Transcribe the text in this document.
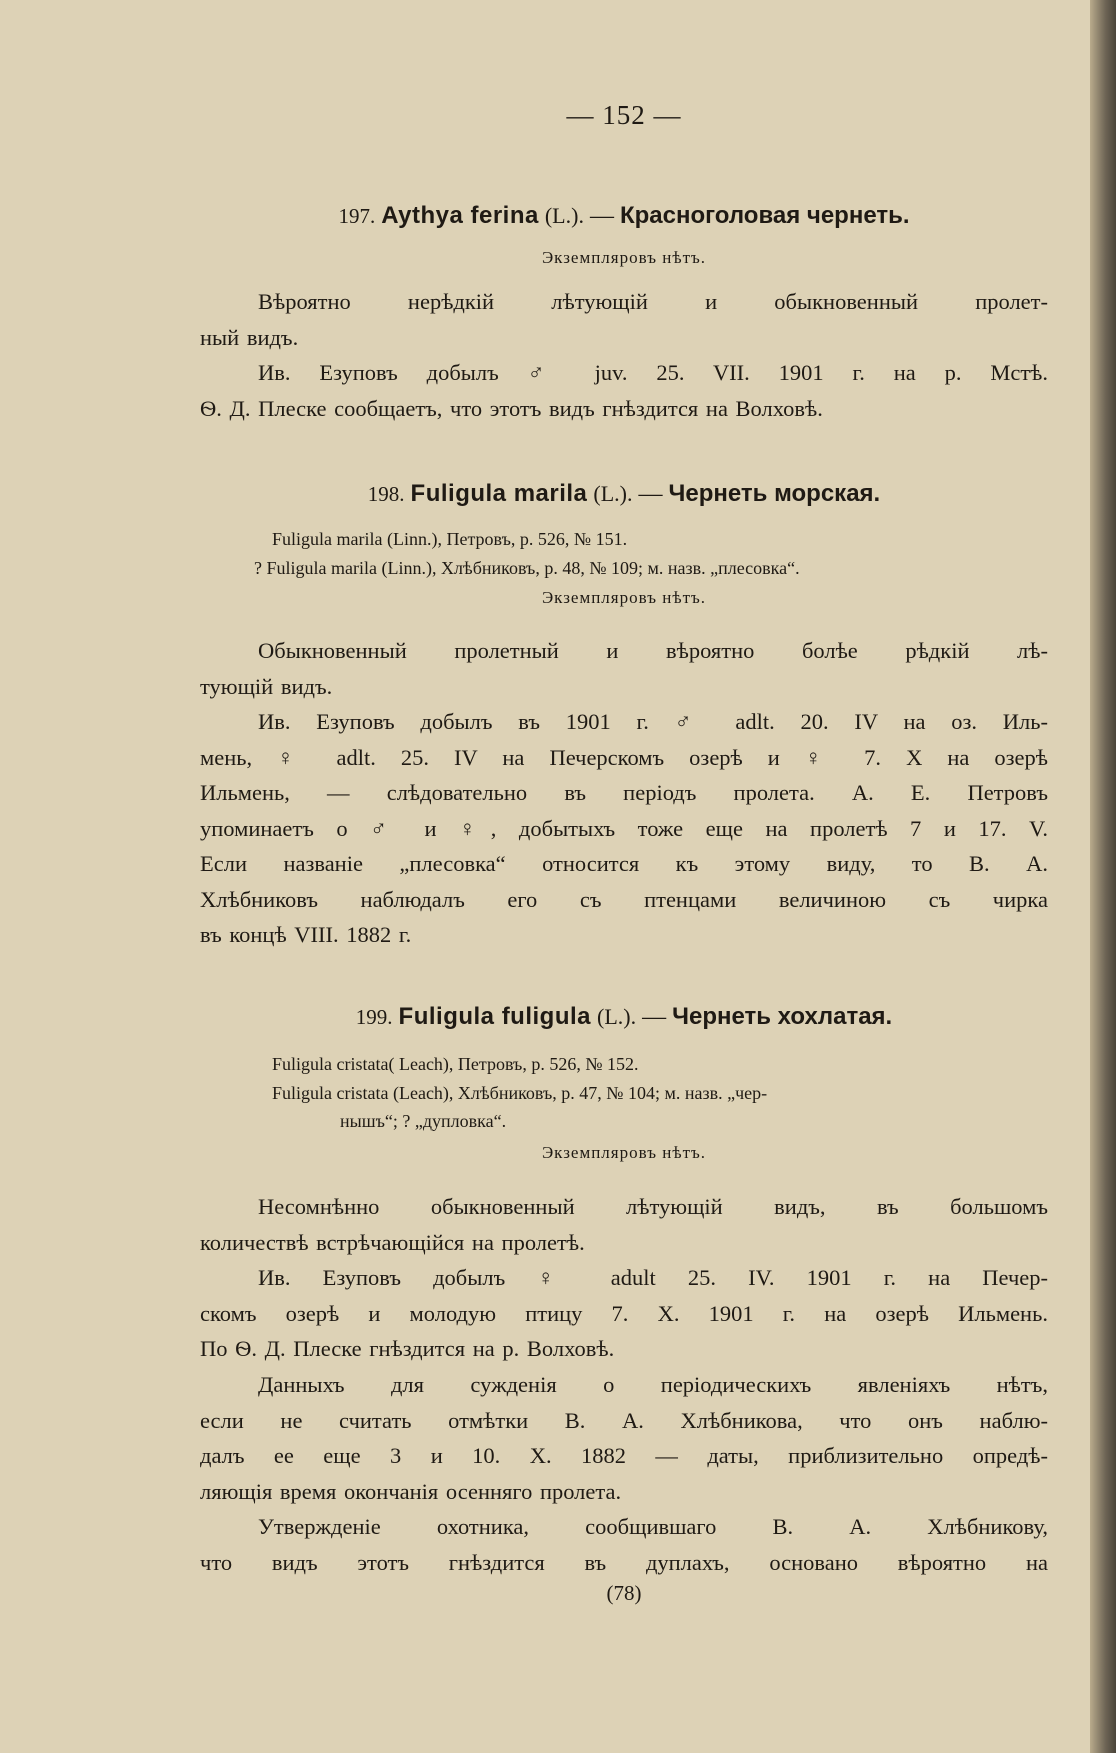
— 152 —
197. Aythya ferina (L.). — Красноголовая чернеть.
Экземпляровъ нѣтъ.
Вѣроятно нерѣдкій лѣтующій и обыкновенный пролет-
ный видъ.
Ив. Езуповъ добылъ ♂ juv. 25. VII. 1901 г. на р. Мстѣ.
Ѳ. Д. Плеске сообщаетъ, что этотъ видъ гнѣздится на Волховѣ.
198. Fuligula marila (L.). — Чернеть морская.
Fuligula marila (Linn.), Петровъ, р. 526, № 151.
? Fuligula marila (Linn.), Хлѣбниковъ, р. 48, № 109; м. назв. „плесовка“.
Экземпляровъ нѣтъ.
Обыкновенный пролетный и вѣроятно болѣе рѣдкій лѣ-
тующій видъ.
Ив. Езуповъ добылъ въ 1901 г. ♂ adlt. 20. IV на оз. Иль-
мень, ♀ adlt. 25. IV на Печерскомъ озерѣ и ♀ 7. X на озерѣ
Ильмень, — слѣдовательно въ періодъ пролета. А. Е. Петровъ
упоминаетъ о ♂ и ♀, добытыхъ тоже еще на пролетѣ 7 и 17. V.
Если названіе „плесовка“ относится къ этому виду, то В. А.
Хлѣбниковъ наблюдалъ его съ птенцами величиною съ чирка
въ концѣ VIII. 1882 г.
199. Fuligula fuligula (L.). — Чернеть хохлатая.
Fuligula cristata( Leach), Петровъ, р. 526, № 152.
Fuligula cristata (Leach), Хлѣбниковъ, р. 47, № 104; м. назв. „чер-
нышъ“; ? „дупловка“.
Экземпляровъ нѣтъ.
Несомнѣнно обыкновенный лѣтующій видъ, въ большомъ
количествѣ встрѣчающійся на пролетѣ.
Ив. Езуповъ добылъ ♀ adult 25. IV. 1901 г. на Печер-
скомъ озерѣ и молодую птицу 7. X. 1901 г. на озерѣ Ильмень.
По Ѳ. Д. Плеске гнѣздится на р. Волховѣ.
Данныхъ для сужденія о періодическихъ явленіяхъ нѣтъ,
если не считать отмѣтки В. А. Хлѣбникова, что онъ наблю-
далъ ее еще 3 и 10. X. 1882 — даты, приблизительно опредѣ-
ляющія время окончанія осенняго пролета.
Утвержденіе охотника, сообщившаго В. А. Хлѣбникову,
что видъ этотъ гнѣздится въ дуплахъ, основано вѣроятно на
(78)
